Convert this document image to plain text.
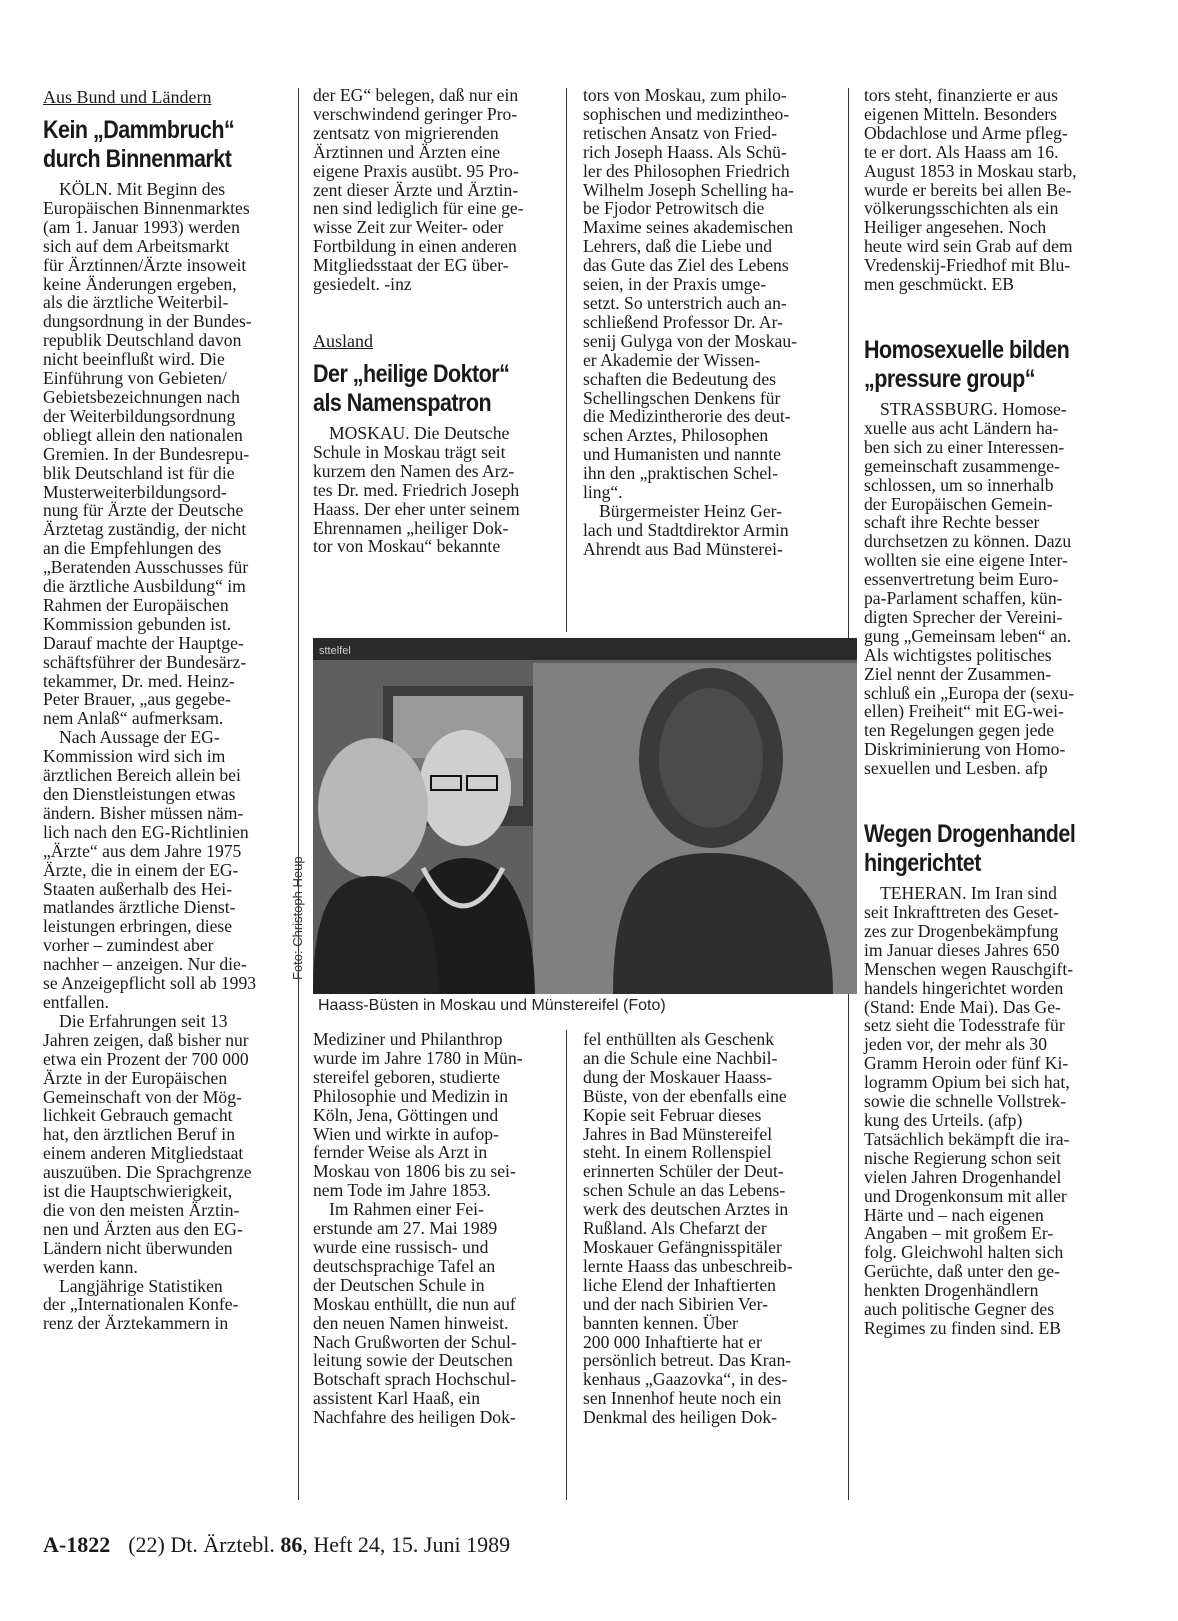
Aus Bund und Ländern
Kein „Dammbruch“
durch Binnenmarkt
KÖLN. Mit Beginn des
Europäischen Binnenmarktes
(am 1. Januar 1993) werden
sich auf dem Arbeitsmarkt
für Ärztinnen/Ärzte insoweit
keine Änderungen ergeben,
als die ärztliche Weiterbil-
dungsordnung in der Bundes-
republik Deutschland davon
nicht beeinflußt wird. Die
Einführung von Gebieten/
Gebietsbezeichnungen nach
der Weiterbildungsordnung
obliegt allein den nationalen
Gremien. In der Bundesrepu-
blik Deutschland ist für die
Musterweiterbildungsord-
nung für Ärzte der Deutsche
Ärztetag zuständig, der nicht
an die Empfehlungen des
„Beratenden Ausschusses für
die ärztliche Ausbildung“ im
Rahmen der Europäischen
Kommission gebunden ist.
Darauf machte der Hauptge-
schäftsführer der Bundesärz-
tekammer, Dr. med. Heinz-
Peter Brauer, „aus gegebe-
nem Anlaß“ aufmerksam.
Nach Aussage der EG-
Kommission wird sich im
ärztlichen Bereich allein bei
den Dienstleistungen etwas
ändern. Bisher müssen näm-
lich nach den EG-Richtlinien
„Ärzte“ aus dem Jahre 1975
Ärzte, die in einem der EG-
Staaten außerhalb des Hei-
matlandes ärztliche Dienst-
leistungen erbringen, diese
vorher – zumindest aber
nachher – anzeigen. Nur die-
se Anzeigepflicht soll ab 1993
entfallen.
Die Erfahrungen seit 13
Jahren zeigen, daß bisher nur
etwa ein Prozent der 700 000
Ärzte in der Europäischen
Gemeinschaft von der Mög-
lichkeit Gebrauch gemacht
hat, den ärztlichen Beruf in
einem anderen Mitgliedstaat
auszuüben. Die Sprachgrenze
ist die Hauptschwierigkeit,
die von den meisten Ärztin-
nen und Ärzten aus den EG-
Ländern nicht überwunden
werden kann.
Langjährige Statistiken
der „Internationalen Konfe-
renz der Ärztekammern in
der EG“ belegen, daß nur ein
verschwindend geringer Pro-
zentsatz von migrierenden
Ärztinnen und Ärzten eine
eigene Praxis ausübt. 95 Pro-
zent dieser Ärzte und Ärztin-
nen sind lediglich für eine ge-
wisse Zeit zur Weiter- oder
Fortbildung in einen anderen
Mitgliedsstaat der EG über-
gesiedelt. -inz
Ausland
Der „heilige Doktor“
als Namenspatron
MOSKAU. Die Deutsche
Schule in Moskau trägt seit
kurzem den Namen des Arz-
tes Dr. med. Friedrich Joseph
Haass. Der eher unter seinem
Ehrennamen „heiliger Dok-
tor von Moskau“ bekannte
tors von Moskau, zum philo-
sophischen und medizintheo-
retischen Ansatz von Fried-
rich Joseph Haass. Als Schü-
ler des Philosophen Friedrich
Wilhelm Joseph Schelling ha-
be Fjodor Petrowitsch die
Maxime seines akademischen
Lehrers, daß die Liebe und
das Gute das Ziel des Lebens
seien, in der Praxis umge-
setzt. So unterstrich auch an-
schließend Professor Dr. Ar-
senij Gulyga von der Moskau-
er Akademie der Wissen-
schaften die Bedeutung des
Schellingschen Denkens für
die Medizintherorie des deut-
schen Arztes, Philosophen
und Humanisten und nannte
ihn den „praktischen Schel-
ling“.
Bürgermeister Heinz Ger-
lach und Stadtdirektor Armin
Ahrendt aus Bad Münsterei-
sttelfel
Foto: Christoph Heup
Haass-Büsten in Moskau und Münstereifel (Foto)
Mediziner und Philanthrop
wurde im Jahre 1780 in Mün-
stereifel geboren, studierte
Philosophie und Medizin in
Köln, Jena, Göttingen und
Wien und wirkte in aufop-
fernder Weise als Arzt in
Moskau von 1806 bis zu sei-
nem Tode im Jahre 1853.
Im Rahmen einer Fei-
erstunde am 27. Mai 1989
wurde eine russisch- und
deutschsprachige Tafel an
der Deutschen Schule in
Moskau enthüllt, die nun auf
den neuen Namen hinweist.
Nach Grußworten der Schul-
leitung sowie der Deutschen
Botschaft sprach Hochschul-
assistent Karl Haaß, ein
Nachfahre des heiligen Dok-
fel enthüllten als Geschenk
an die Schule eine Nachbil-
dung der Moskauer Haass-
Büste, von der ebenfalls eine
Kopie seit Februar dieses
Jahres in Bad Münstereifel
steht. In einem Rollenspiel
erinnerten Schüler der Deut-
schen Schule an das Lebens-
werk des deutschen Arztes in
Rußland. Als Chefarzt der
Moskauer Gefängnisspitäler
lernte Haass das unbeschreib-
liche Elend der Inhaftierten
und der nach Sibirien Ver-
bannten kennen. Über
200 000 Inhaftierte hat er
persönlich betreut. Das Kran-
kenhaus „Gaazovka“, in des-
sen Innenhof heute noch ein
Denkmal des heiligen Dok-
tors steht, finanzierte er aus
eigenen Mitteln. Besonders
Obdachlose und Arme pfleg-
te er dort. Als Haass am 16.
August 1853 in Moskau starb,
wurde er bereits bei allen Be-
völkerungsschichten als ein
Heiliger angesehen. Noch
heute wird sein Grab auf dem
Vredenskij-Friedhof mit Blu-
men geschmückt. EB
Homosexuelle bilden
„pressure group“
STRASSBURG. Homose-
xuelle aus acht Ländern ha-
ben sich zu einer Interessen-
gemeinschaft zusammenge-
schlossen, um so innerhalb
der Europäischen Gemein-
schaft ihre Rechte besser
durchsetzen zu können. Dazu
wollten sie eine eigene Inter-
essenvertretung beim Euro-
pa-Parlament schaffen, kün-
digten Sprecher der Vereini-
gung „Gemeinsam leben“ an.
Als wichtigstes politisches
Ziel nennt der Zusammen-
schluß ein „Europa der (sexu-
ellen) Freiheit“ mit EG-wei-
ten Regelungen gegen jede
Diskriminierung von Homo-
sexuellen und Lesben. afp
Wegen Drogenhandel
hingerichtet
TEHERAN. Im Iran sind
seit Inkrafttreten des Geset-
zes zur Drogenbekämpfung
im Januar dieses Jahres 650
Menschen wegen Rauschgift-
handels hingerichtet worden
(Stand: Ende Mai). Das Ge-
setz sieht die Todesstrafe für
jeden vor, der mehr als 30
Gramm Heroin oder fünf Ki-
logramm Opium bei sich hat,
sowie die schnelle Vollstrek-
kung des Urteils. (afp)
Tatsächlich bekämpft die ira-
nische Regierung schon seit
vielen Jahren Drogenhandel
und Drogenkonsum mit aller
Härte und – nach eigenen
Angaben – mit großem Er-
folg. Gleichwohl halten sich
Gerüchte, daß unter den ge-
henkten Drogenhändlern
auch politische Gegner des
Regimes zu finden sind. EB
A-1822 (22) Dt. Ärztebl. 86, Heft 24, 15. Juni 1989
